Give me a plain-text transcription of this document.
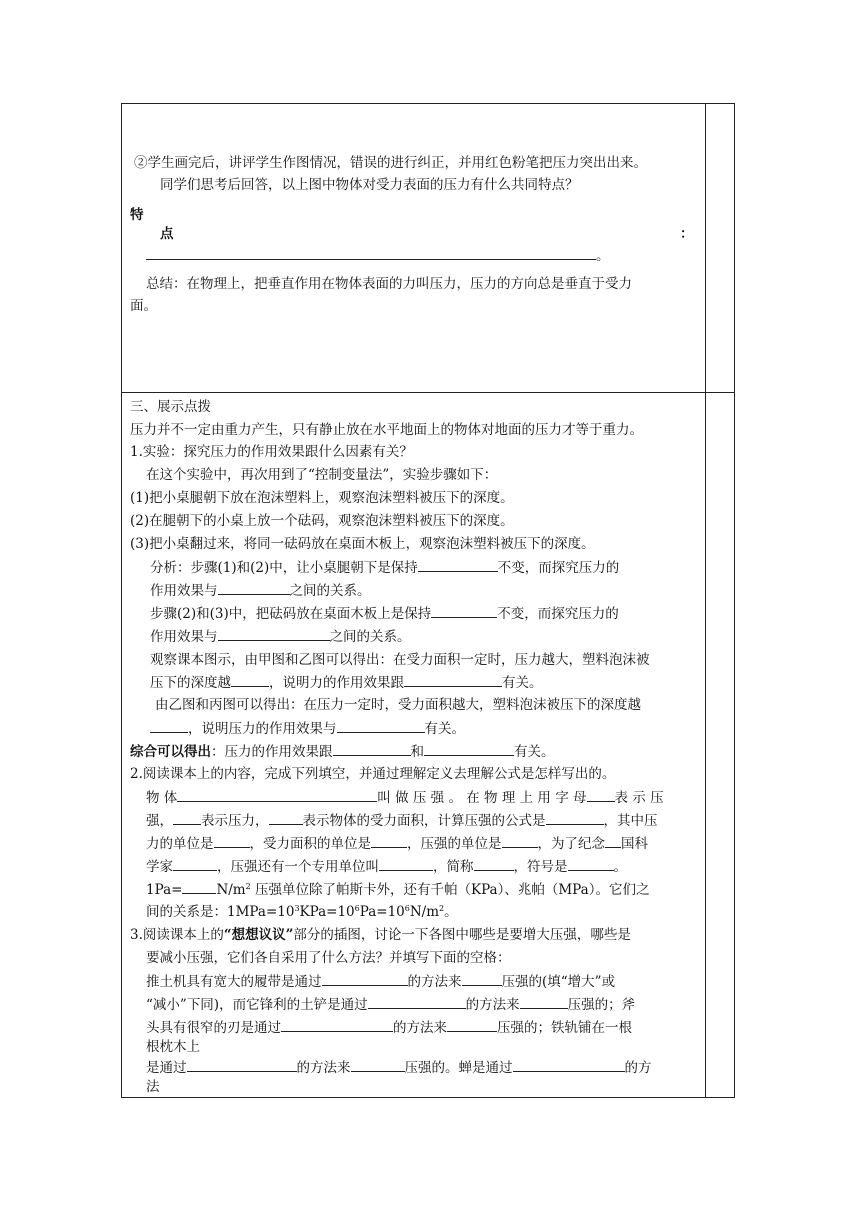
②学生画完后，讲评学生作图情况，错误的进行纠正，并用红色粉笔把压力突出出来。
同学们思考后回答，以上图中物体对受力表面的压力有什么共同特点？
特
点	：
。
总结：在物理上，把垂直作用在物体表面的力叫压力，压力的方向总是垂直于受力
面。
三、展示点拨
压力并不一定由重力产生，只有静止放在水平地面上的物体对地面的压力才等于重力。
1.实验：探究压力的作用效果跟什么因素有关？
在这个实验中，再次用到了“控制变量法”，实验步骤如下：
(1)把小桌腿朝下放在泡沫塑料上，观察泡沫塑料被压下的深度。
(2)在腿朝下的小桌上放一个砝码，观察泡沫塑料被压下的深度。
(3)把小桌翻过来，将同一砝码放在桌面木板上，观察泡沫塑料被压下的深度。
分析：步骤(1)和(2)中，让小桌腿朝下是保持	不变，而探究压力的
作用效果与	之间的关系。
步骤(2)和(3)中，把砝码放在桌面木板上是保持	不变，而探究压力的
作用效果与	之间的关系。
观察课本图示，由甲图和乙图可以得出：在受力面积一定时，压力越大，塑料泡沫被
压下的深度越	，说明力的作用效果跟	有关。
由乙图和丙图可以得出：在压力一定时，受力面积越大，塑料泡沫被压下的深度越
，说明压力的作用效果与	有关。
综合可以得出：压力的作用效果跟	和	有关。
2.阅读课本上的内容，完成下列填空，并通过理解定义去理解公式是怎样写出的。
物 体	叫 做 压 强 。 在 物 理 上 用 字 母 表 示 压
强， 表示压力，	表示物体的受力面积，计算压强的公式是	，其中压
力的单位是	，受力面积的单位是	，压强的单位是	，为了纪念 国科
学家	，压强还有一个专用单位叫	，简称	，符号是	。
1Pa=	$N/m^2$ 压强单位除了帕斯卡外，还有千帕（KPa）、兆帕（MPa）。它们之
间的关系是：$1MPa=10^3KPa=10^6Pa=10^6N/m^2$。
3.阅读课本上的“想想议议”部分的插图，讨论一下各图中哪些是要增大压强，哪些是
要减小压强，它们各自采用了什么方法？并填写下面的空格：
推土机具有宽大的履带是通过	的方法来	压强的(填“增大”或
“减小”下同)，而它锋利的土铲是通过	的方法来	压强的；斧
头具有很窄的刃是通过	的方法来	压强的；铁轨铺在一根
根枕木上
是通过	的方法来	压强的。蝉是通过	的方
法
